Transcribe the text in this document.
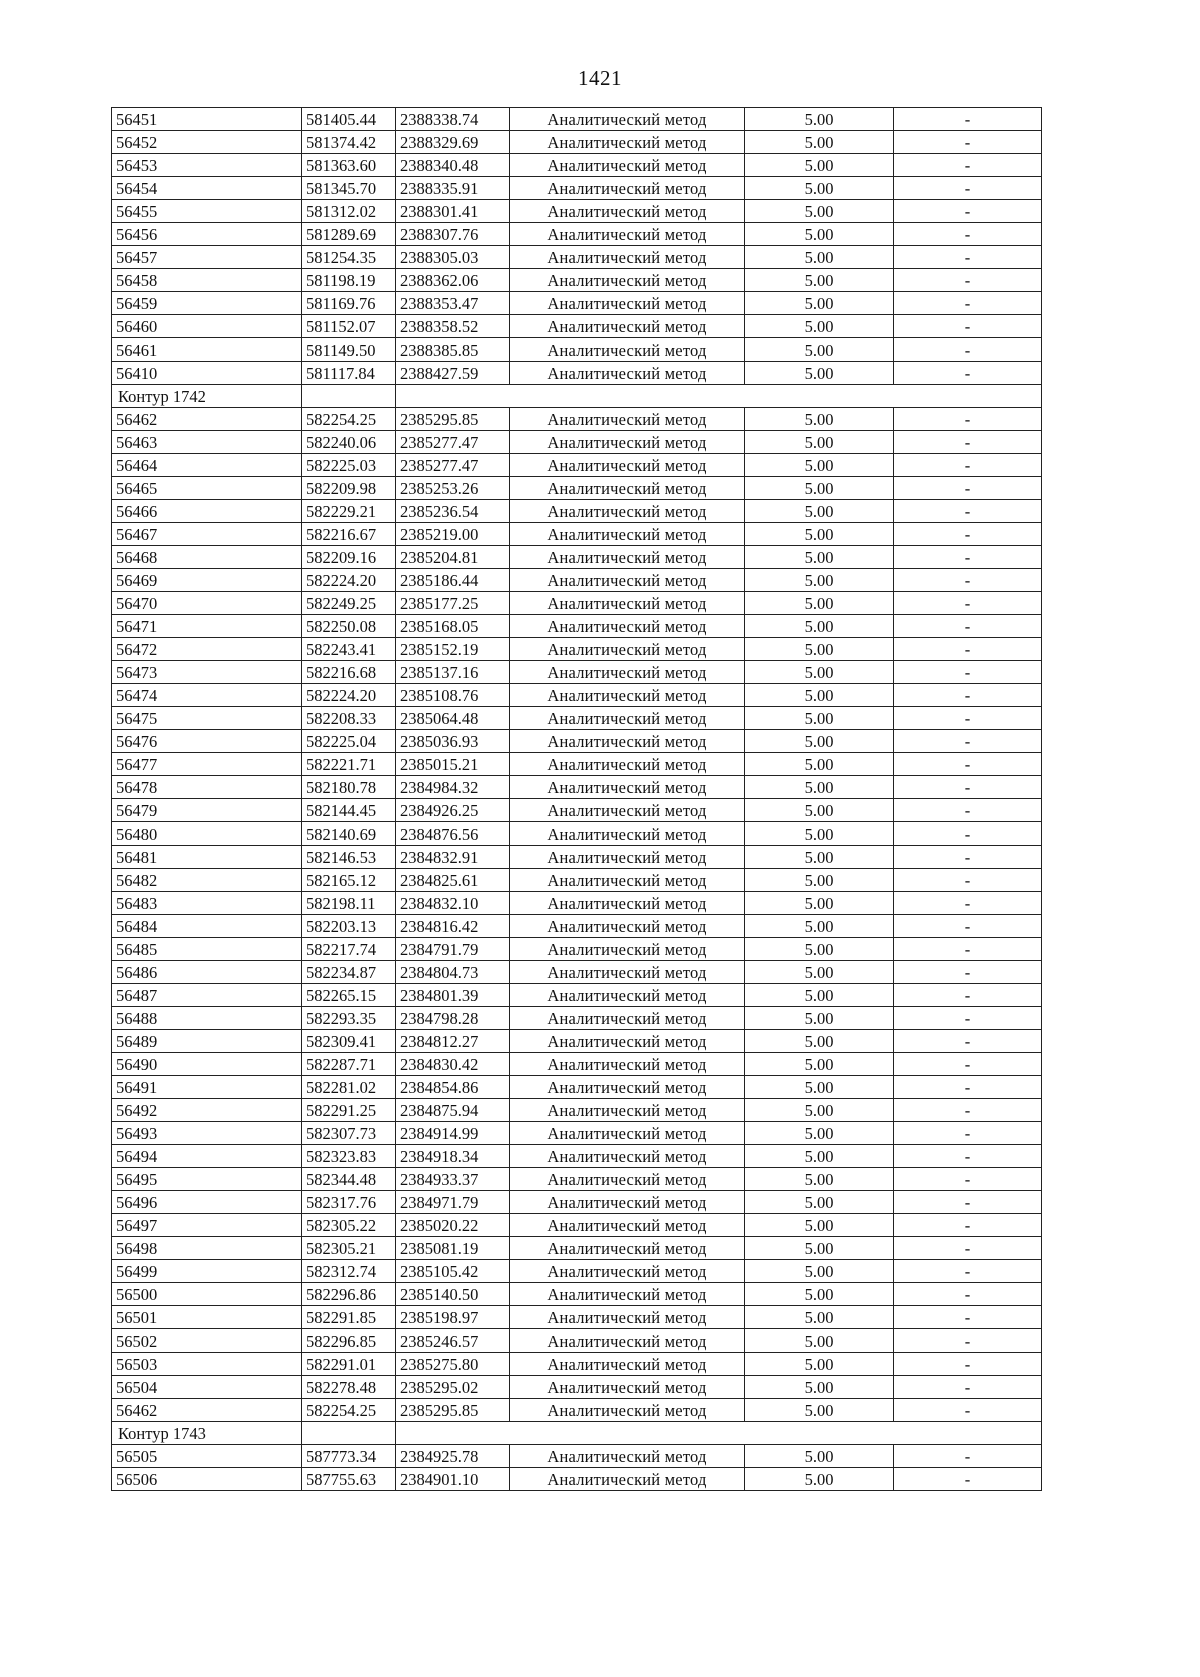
1421
56451	581405.44	2388338.74	Аналитический метод	5.00	-
56452	581374.42	2388329.69	Аналитический метод	5.00	-
56453	581363.60	2388340.48	Аналитический метод	5.00	-
56454	581345.70	2388335.91	Аналитический метод	5.00	-
56455	581312.02	2388301.41	Аналитический метод	5.00	-
56456	581289.69	2388307.76	Аналитический метод	5.00	-
56457	581254.35	2388305.03	Аналитический метод	5.00	-
56458	581198.19	2388362.06	Аналитический метод	5.00	-
56459	581169.76	2388353.47	Аналитический метод	5.00	-
56460	581152.07	2388358.52	Аналитический метод	5.00	-
56461	581149.50	2388385.85	Аналитический метод	5.00	-
56410	581117.84	2388427.59	Аналитический метод	5.00	-
Контур 1742					
56462	582254.25	2385295.85	Аналитический метод	5.00	-
56463	582240.06	2385277.47	Аналитический метод	5.00	-
56464	582225.03	2385277.47	Аналитический метод	5.00	-
56465	582209.98	2385253.26	Аналитический метод	5.00	-
56466	582229.21	2385236.54	Аналитический метод	5.00	-
56467	582216.67	2385219.00	Аналитический метод	5.00	-
56468	582209.16	2385204.81	Аналитический метод	5.00	-
56469	582224.20	2385186.44	Аналитический метод	5.00	-
56470	582249.25	2385177.25	Аналитический метод	5.00	-
56471	582250.08	2385168.05	Аналитический метод	5.00	-
56472	582243.41	2385152.19	Аналитический метод	5.00	-
56473	582216.68	2385137.16	Аналитический метод	5.00	-
56474	582224.20	2385108.76	Аналитический метод	5.00	-
56475	582208.33	2385064.48	Аналитический метод	5.00	-
56476	582225.04	2385036.93	Аналитический метод	5.00	-
56477	582221.71	2385015.21	Аналитический метод	5.00	-
56478	582180.78	2384984.32	Аналитический метод	5.00	-
56479	582144.45	2384926.25	Аналитический метод	5.00	-
56480	582140.69	2384876.56	Аналитический метод	5.00	-
56481	582146.53	2384832.91	Аналитический метод	5.00	-
56482	582165.12	2384825.61	Аналитический метод	5.00	-
56483	582198.11	2384832.10	Аналитический метод	5.00	-
56484	582203.13	2384816.42	Аналитический метод	5.00	-
56485	582217.74	2384791.79	Аналитический метод	5.00	-
56486	582234.87	2384804.73	Аналитический метод	5.00	-
56487	582265.15	2384801.39	Аналитический метод	5.00	-
56488	582293.35	2384798.28	Аналитический метод	5.00	-
56489	582309.41	2384812.27	Аналитический метод	5.00	-
56490	582287.71	2384830.42	Аналитический метод	5.00	-
56491	582281.02	2384854.86	Аналитический метод	5.00	-
56492	582291.25	2384875.94	Аналитический метод	5.00	-
56493	582307.73	2384914.99	Аналитический метод	5.00	-
56494	582323.83	2384918.34	Аналитический метод	5.00	-
56495	582344.48	2384933.37	Аналитический метод	5.00	-
56496	582317.76	2384971.79	Аналитический метод	5.00	-
56497	582305.22	2385020.22	Аналитический метод	5.00	-
56498	582305.21	2385081.19	Аналитический метод	5.00	-
56499	582312.74	2385105.42	Аналитический метод	5.00	-
56500	582296.86	2385140.50	Аналитический метод	5.00	-
56501	582291.85	2385198.97	Аналитический метод	5.00	-
56502	582296.85	2385246.57	Аналитический метод	5.00	-
56503	582291.01	2385275.80	Аналитический метод	5.00	-
56504	582278.48	2385295.02	Аналитический метод	5.00	-
56462	582254.25	2385295.85	Аналитический метод	5.00	-
Контур 1743					
56505	587773.34	2384925.78	Аналитический метод	5.00	-
56506	587755.63	2384901.10	Аналитический метод	5.00	-
